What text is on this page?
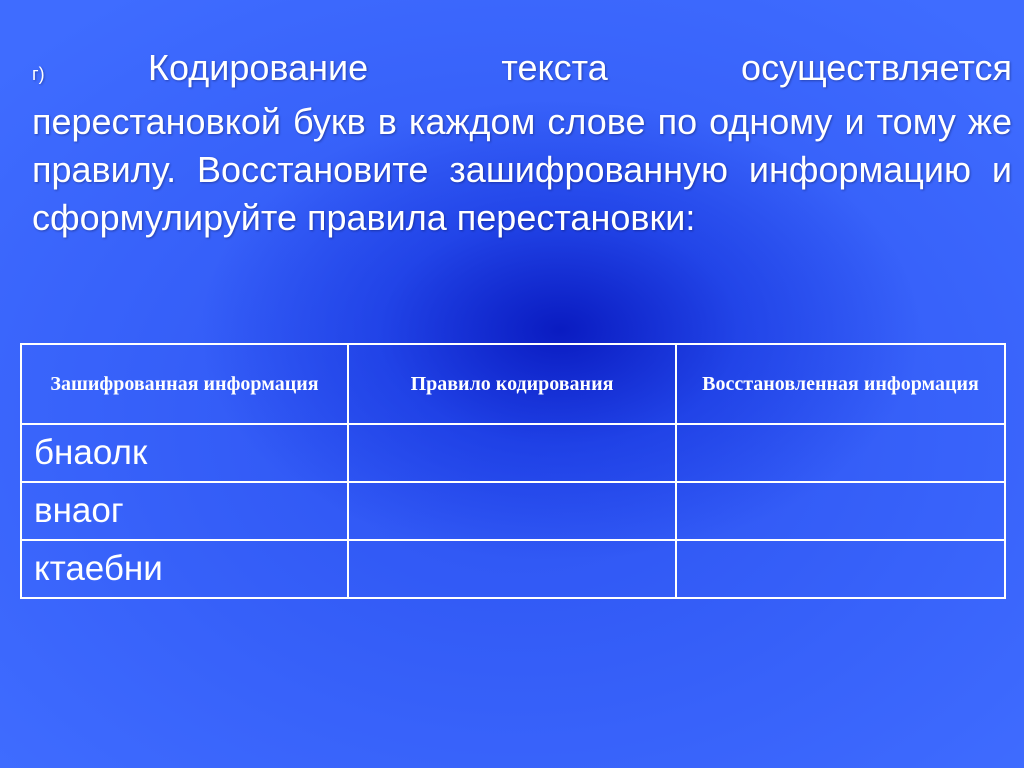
г)	Кодирование текста осуществляется перестановкой букв в каждом слове по одному и тому же правилу. Восстановите зашифрованную информацию и сформулируйте правила перестановки:
Зашифрованная информация	Правило кодирования	Восстановленная информация
бнаолк		
внаог		
ктаебни		
